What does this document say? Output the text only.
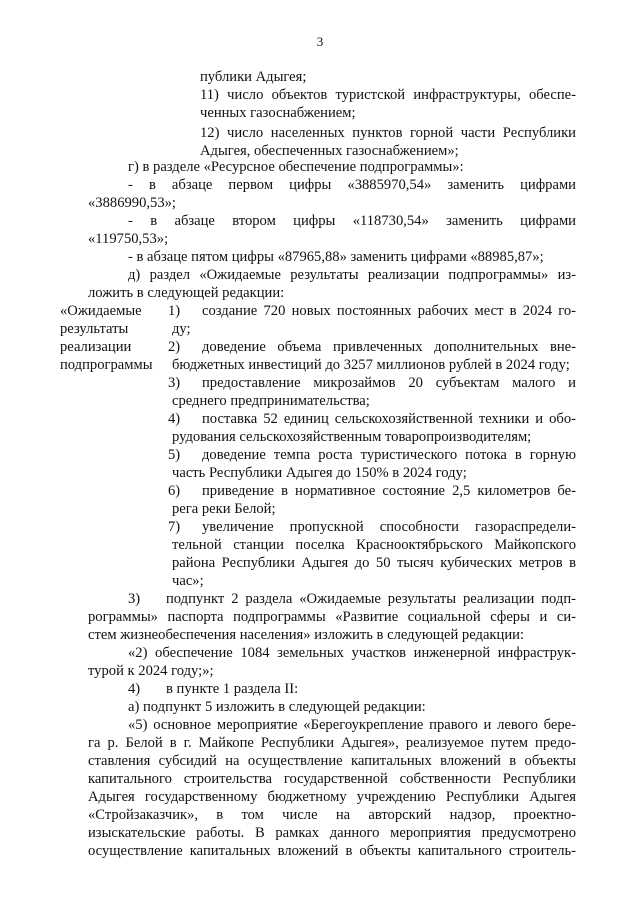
3
публики Адыгея;
11) число объектов туристской инфраструктуры, обеспе-
ченных газоснабжением;
12) число населенных пунктов горной части Республики
Адыгея, обеспеченных газоснабжением»;
г) в разделе «Ресурсное обеспечение подпрограммы»:
- в абзаце первом цифры «3885970,54» заменить цифрами
«3886990,53»;
- в абзаце втором цифры «118730,54» заменить цифрами
«119750,53»;
- в абзаце пятом цифры «87965,88» заменить цифрами «88985,87»;
д) раздел «Ожидаемые результаты реализации подпрограммы» из-
ложить в следующей редакции:
«Ожидаемые
результаты
реализации
подпрограммы
1)	создание 720 новых постоянных рабочих мест в 2024 го-
ду;
2)	доведение объема привлеченных дополнительных вне-
бюджетных инвестиций до 3257 миллионов рублей в 2024 году;
3)	предоставление микрозаймов 20 субъектам малого и
среднего предпринимательства;
4)	поставка 52 единиц сельскохозяйственной техники и обо-
рудования сельскохозяйственным товаропроизводителям;
5)	доведение темпа роста туристического потока в горную
часть Республики Адыгея до 150% в 2024 году;
6)	приведение в нормативное состояние 2,5 километров бе-
рега реки Белой;
7)	увеличение пропускной способности газораспредели-
тельной станции поселка Краснооктябрьского Майкопского
района Республики Адыгея до 50 тысяч кубических метров в
час»;
3)	подпункт 2 раздела «Ожидаемые результаты реализации подп-
рограммы» паспорта подпрограммы «Развитие социальной сферы и си-
стем жизнеобеспечения населения» изложить в следующей редакции:
«2) обеспечение 1084 земельных участков инженерной инфраструк-
турой к 2024 году;»;
4)	в пункте 1 раздела II:
а) подпункт 5 изложить в следующей редакции:
«5) основное мероприятие «Берегоукрепление правого и левого бере-
га р. Белой в г. Майкопе Республики Адыгея», реализуемое путем предо-
ставления субсидий на осуществление капитальных вложений в объекты
капитального строительства государственной собственности Республики
Адыгея государственному бюджетному учреждению Республики Адыгея
«Стройзаказчик», в том числе на авторский надзор, проектно-
изыскательские работы. В рамках данного мероприятия предусмотрено
осуществление капитальных вложений в объекты капитального строитель-
